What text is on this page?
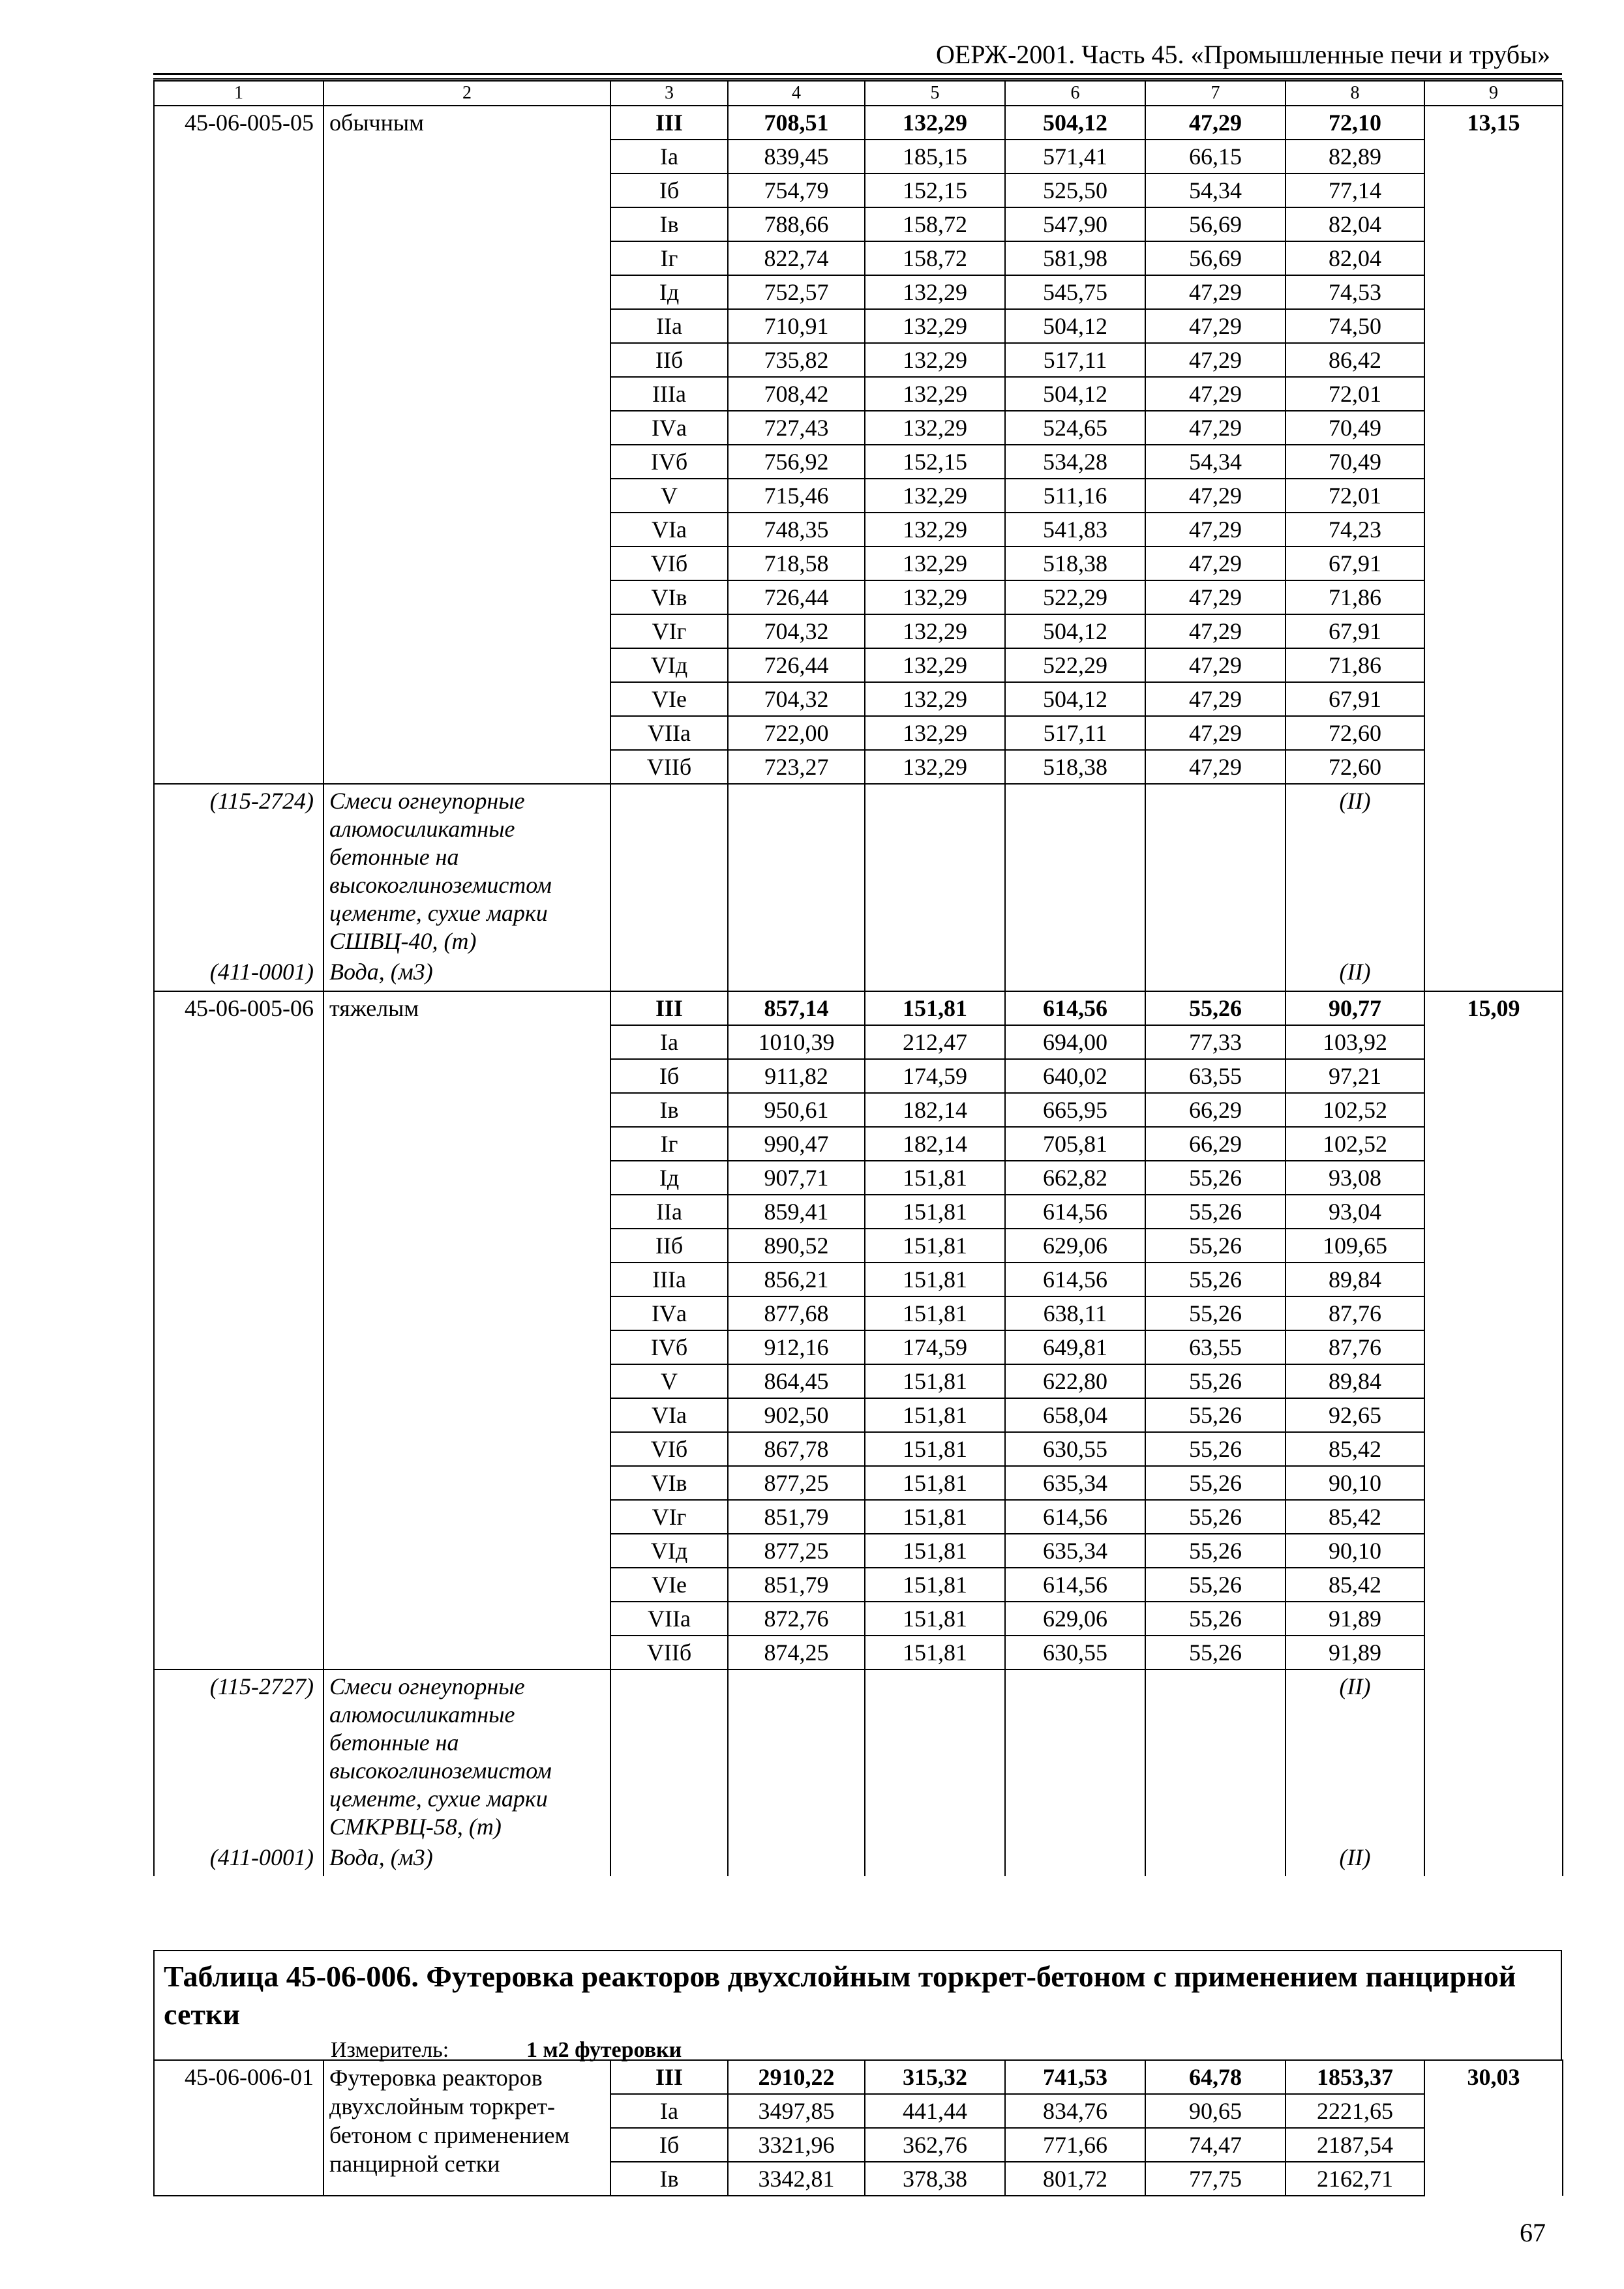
ОЕРЖ-2001. Часть 45. «Промышленные печи и трубы»
1	2	3	4	5	6	7	8	9
45-06-005-05	обычным	III	708,51	132,29	504,12	47,29	72,10	13,15
		Iа	839,45	185,15	571,41	66,15	82,89	
		Iб	754,79	152,15	525,50	54,34	77,14	
		Iв	788,66	158,72	547,90	56,69	82,04	
		Iг	822,74	158,72	581,98	56,69	82,04	
		Iд	752,57	132,29	545,75	47,29	74,53	
		IIа	710,91	132,29	504,12	47,29	74,50	
		IIб	735,82	132,29	517,11	47,29	86,42	
		IIIа	708,42	132,29	504,12	47,29	72,01	
		IVа	727,43	132,29	524,65	47,29	70,49	
		IVб	756,92	152,15	534,28	54,34	70,49	
		V	715,46	132,29	511,16	47,29	72,01	
		VIа	748,35	132,29	541,83	47,29	74,23	
		VIб	718,58	132,29	518,38	47,29	67,91	
		VIв	726,44	132,29	522,29	47,29	71,86	
		VIг	704,32	132,29	504,12	47,29	67,91	
		VIд	726,44	132,29	522,29	47,29	71,86	
		VIе	704,32	132,29	504,12	47,29	67,91	
		VIIа	722,00	132,29	517,11	47,29	72,60	
		VIIб	723,27	132,29	518,38	47,29	72,60	
(115-2724)	Смеси огнеупорные алюмосиликатные бетонные на высокоглиноземистом цементе, сухие марки СШВЦ-40, (т)						(II)	
(411-0001)	Вода, (м3)						(II)	
45-06-005-06	тяжелым	III	857,14	151,81	614,56	55,26	90,77	15,09
		Iа	1010,39	212,47	694,00	77,33	103,92	
		Iб	911,82	174,59	640,02	63,55	97,21	
		Iв	950,61	182,14	665,95	66,29	102,52	
		Iг	990,47	182,14	705,81	66,29	102,52	
		Iд	907,71	151,81	662,82	55,26	93,08	
		IIа	859,41	151,81	614,56	55,26	93,04	
		IIб	890,52	151,81	629,06	55,26	109,65	
		IIIа	856,21	151,81	614,56	55,26	89,84	
		IVа	877,68	151,81	638,11	55,26	87,76	
		IVб	912,16	174,59	649,81	63,55	87,76	
		V	864,45	151,81	622,80	55,26	89,84	
		VIа	902,50	151,81	658,04	55,26	92,65	
		VIб	867,78	151,81	630,55	55,26	85,42	
		VIв	877,25	151,81	635,34	55,26	90,10	
		VIг	851,79	151,81	614,56	55,26	85,42	
		VIд	877,25	151,81	635,34	55,26	90,10	
		VIе	851,79	151,81	614,56	55,26	85,42	
		VIIа	872,76	151,81	629,06	55,26	91,89	
		VIIб	874,25	151,81	630,55	55,26	91,89	
(115-2727)	Смеси огнеупорные алюмосиликатные бетонные на высокоглиноземистом цементе, сухие марки СМКРВЦ-58, (т)						(II)	
(411-0001)	Вода, (м3)						(II)	
Таблица 45-06-006. Футеровка реакторов двухслойным торкрет-бетоном с применением панцирной сетки
Измеритель:	1 м2 футеровки
45-06-006-01	Футеровка реакторов двухслойным торкрет-бетоном с применением панцирной сетки	III	2910,22	315,32	741,53	64,78	1853,37	30,03
		Iа	3497,85	441,44	834,76	90,65	2221,65	
		Iб	3321,96	362,76	771,66	74,47	2187,54	
		Iв	3342,81	378,38	801,72	77,75	2162,71	
67
